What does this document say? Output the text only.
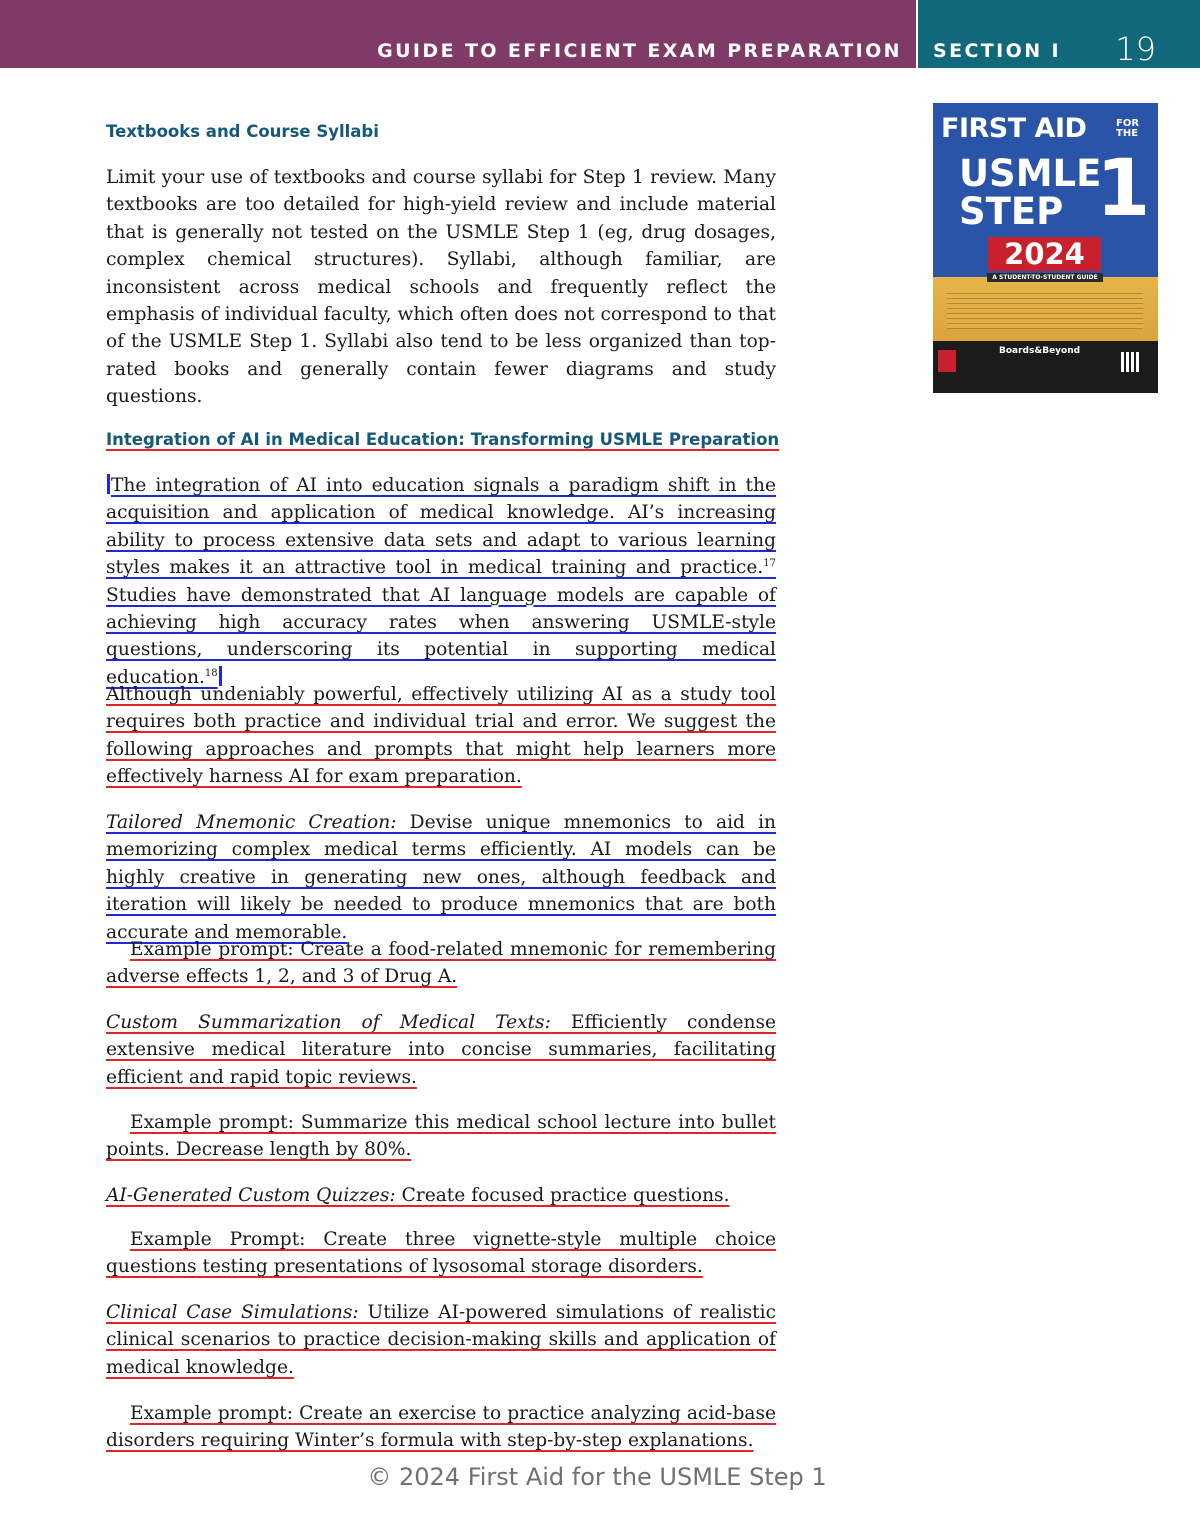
GUIDE TO EFFICIENT EXAM PREPARATION SECTION I 19
Textbooks and Course Syllabi

Limit your use of textbooks and course syllabi for Step 1 review. Many textbooks are too detailed for high-yield review and include material that is generally not tested on the USMLE Step 1 (eg, drug dosages, complex chemical structures). Syllabi, although familiar, are inconsistent across medical schools and frequently reflect the emphasis of individual faculty, which often does not correspond to that of the USMLE Step 1. Syllabi also tend to be less organized than top-rated books and generally contain fewer diagrams and study questions.

Integration of AI in Medical Education: Transforming USMLE Preparation

The integration of AI into education signals a paradigm shift in the acquisition and application of medical knowledge. AI’s increasing ability to process extensive data sets and adapt to various learning styles makes it an attractive tool in medical training and practice.$^{17}$ Studies have demonstrated that AI language models are capable of achieving high accuracy rates when answering USMLE-style questions, underscoring its potential in supporting medical education.$^{18}$

Although undeniably powerful, effectively utilizing AI as a study tool requires both practice and individual trial and error. We suggest the following approaches and prompts that might help learners more effectively harness AI for exam preparation.

Tailored Mnemonic Creation: Devise unique mnemonics to aid in memorizing complex medical terms efficiently. AI models can be highly creative in generating new ones, although feedback and iteration will likely be needed to produce mnemonics that are both accurate and memorable.

Example prompt: Create a food-related mnemonic for remembering adverse effects 1, 2, and 3 of Drug A.

Custom Summarization of Medical Texts: Efficiently condense extensive medical literature into concise summaries, facilitating efficient and rapid topic reviews.

Example prompt: Summarize this medical school lecture into bullet points. Decrease length by 80%.

AI-Generated Custom Quizzes: Create focused practice questions.

Example Prompt: Create three vignette-style multiple choice questions testing presentations of lysosomal storage disorders.

Clinical Case Simulations: Utilize AI-powered simulations of realistic clinical scenarios to practice decision-making skills and application of medical knowledge.

Example prompt: Create an exercise to practice analyzing acid-base disorders requiring Winter’s formula with step-by-step explanations.

FIRST AID	FOR THE
USMLE
STEP 1
2024
A STUDENT-TO-STUDENT GUIDE
Boards&Beyond
© 2024 First Aid for the USMLE Step 1
